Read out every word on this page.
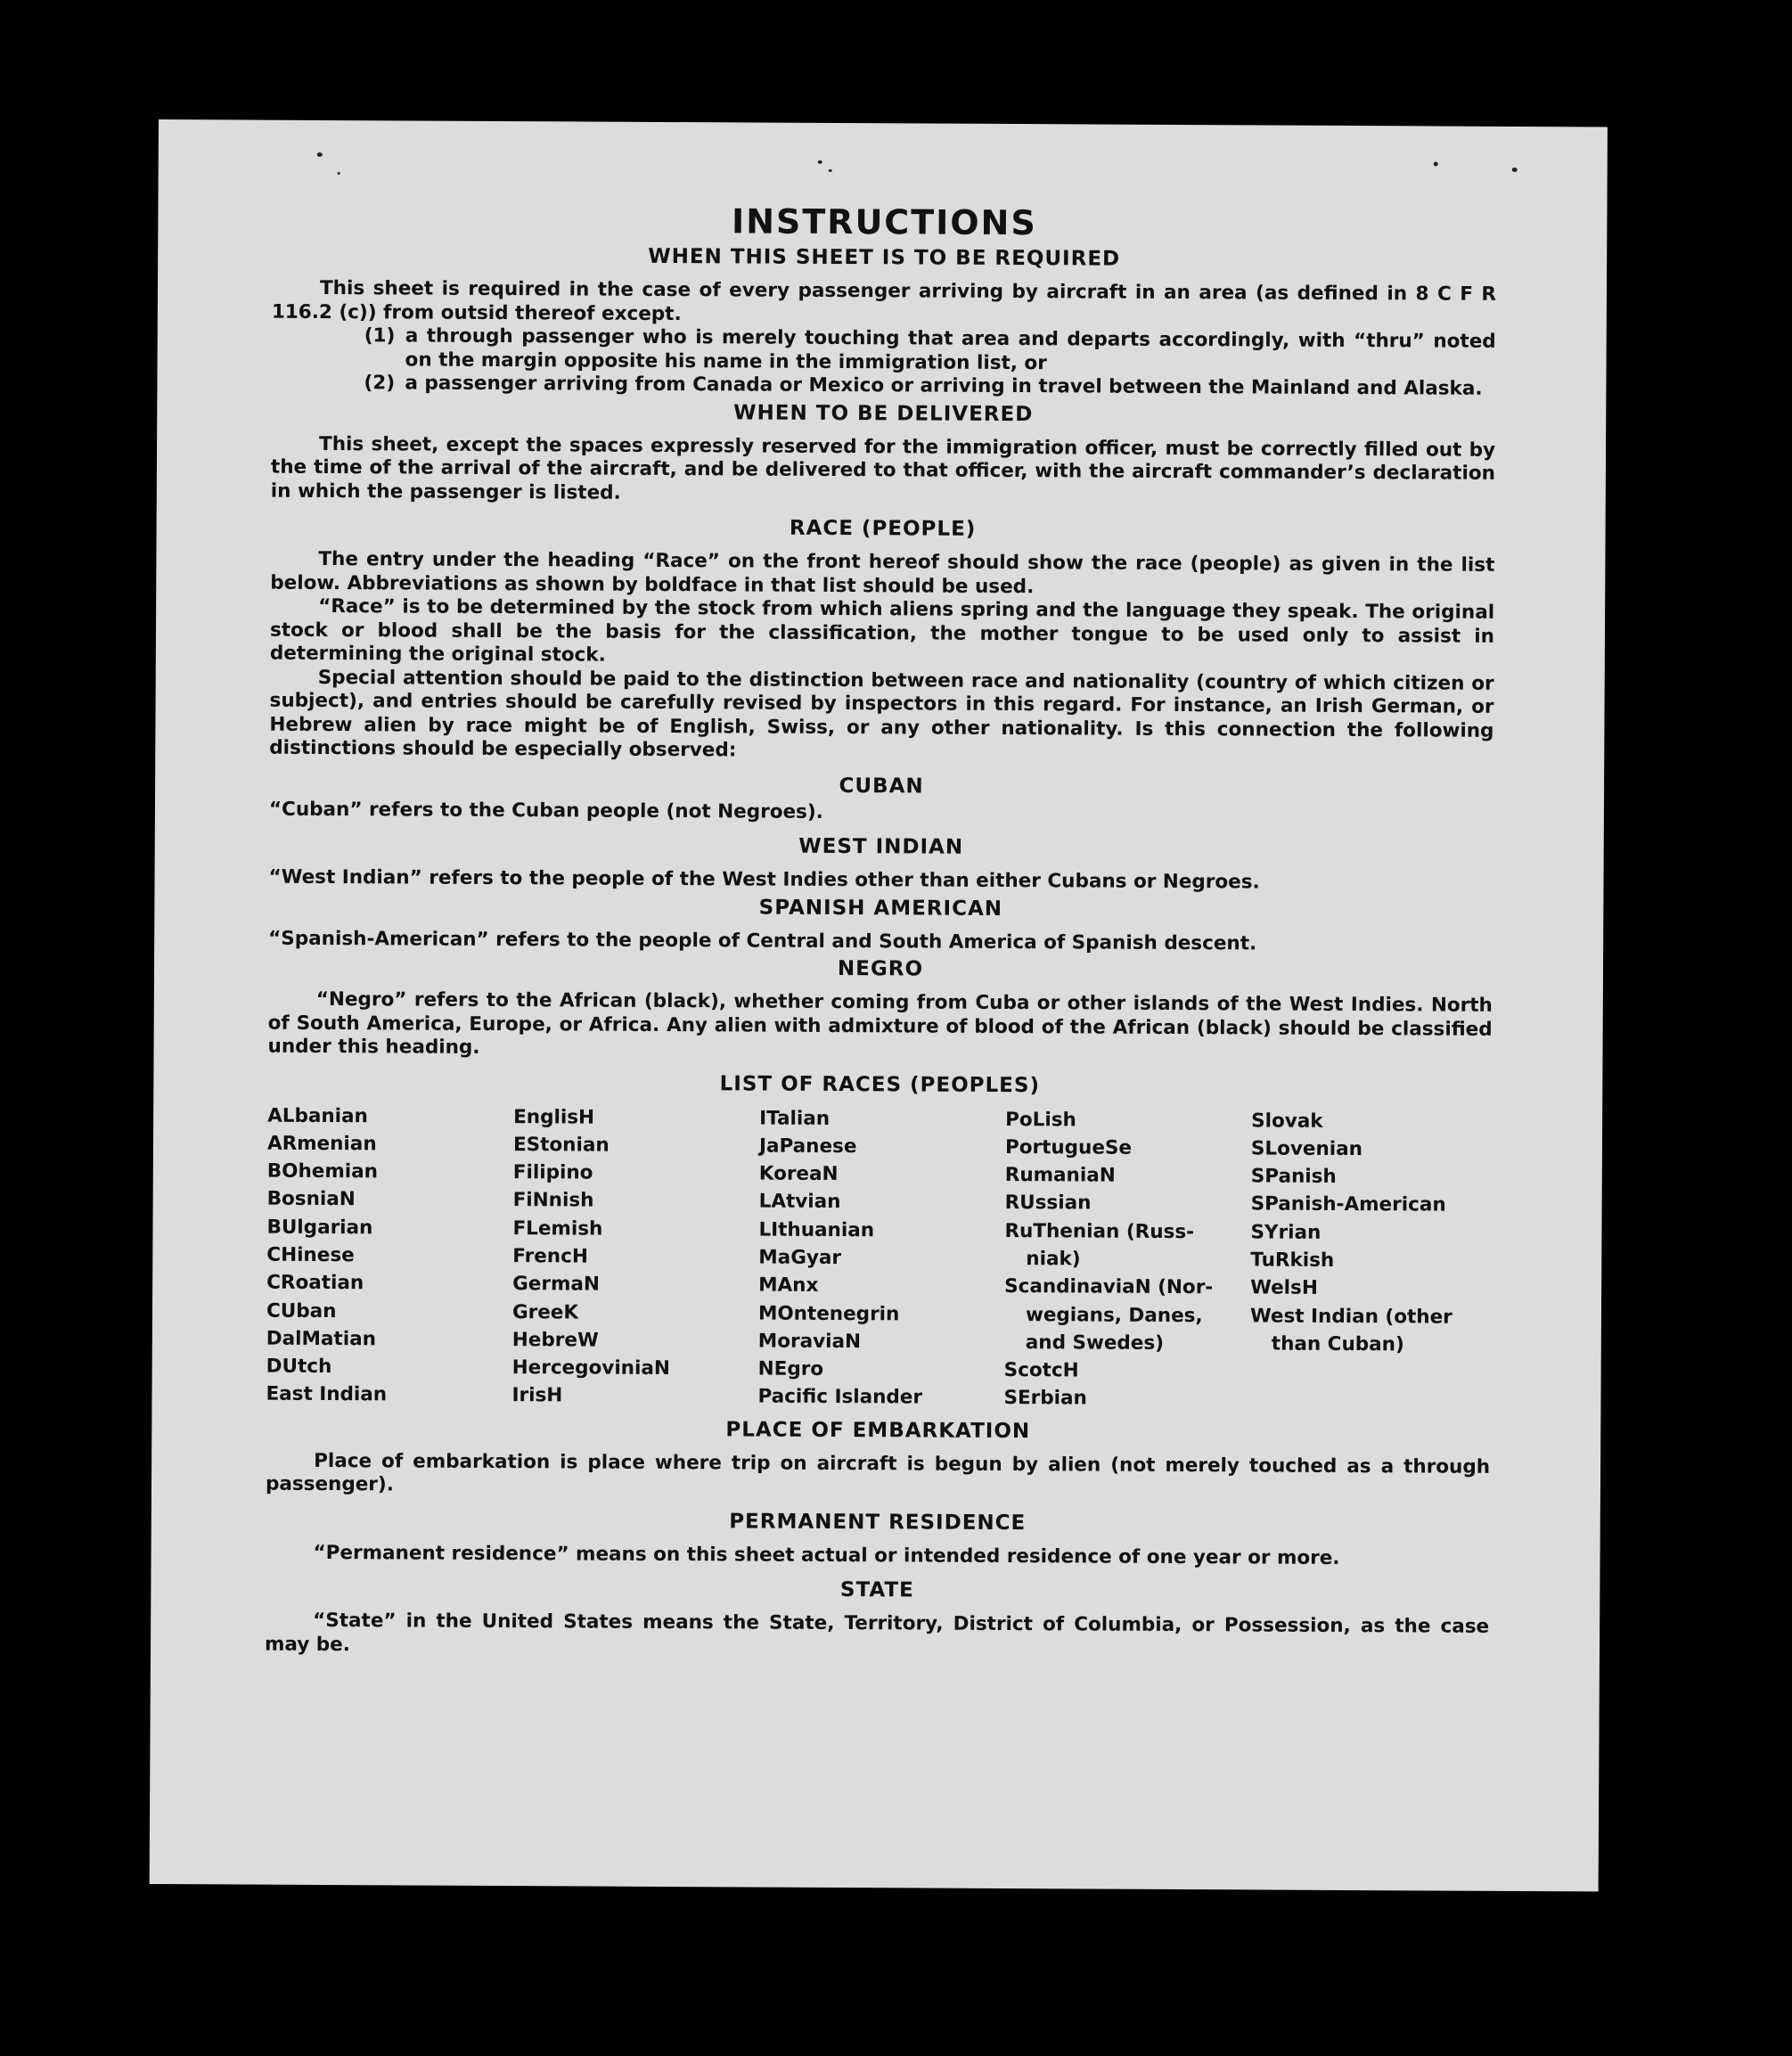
INSTRUCTIONS
WHEN THIS SHEET IS TO BE REQUIRED

This sheet is required in the case of every passenger arriving by aircraft in an area (as defined in 8 C F R 116.2 (c)) from outsid thereof except.

(1) a through passenger who is merely touching that area and departs accordingly, with “thru” noted on the margin opposite his name in the immigration list, or
(2) a passenger arriving from Canada or Mexico or arriving in travel between the Mainland and Alaska.
WHEN TO BE DELIVERED

This sheet, except the spaces expressly reserved for the immigration officer, must be correctly filled out by the time of the arrival of the aircraft, and be delivered to that officer, with the aircraft commander’s declaration in which the passenger is listed.

RACE (PEOPLE)

The entry under the heading “Race” on the front hereof should show the race (people) as given in the list below. Abbreviations as shown by boldface in that list should be used.

“Race” is to be determined by the stock from which aliens spring and the language they speak. The original stock or blood shall be the basis for the classification, the mother tongue to be used only to assist in determining the original stock.

Special attention should be paid to the distinction between race and nationality (country of which citizen or subject), and entries should be carefully revised by inspectors in this regard. For instance, an Irish German, or Hebrew alien by race might be of English, Swiss, or any other nationality. Is this connection the following distinctions should be especially observed:

CUBAN

“Cuban” refers to the Cuban people (not Negroes).

WEST INDIAN

“West Indian” refers to the people of the West Indies other than either Cubans or Negroes.

SPANISH AMERICAN

“Spanish-American” refers to the people of Central and South America of Spanish descent.

NEGRO

“Negro” refers to the African (black), whether coming from Cuba or other islands of the West Indies. North of South America, Europe, or Africa. Any alien with admixture of blood of the African (black) should be classified under this heading.

LIST OF RACES (PEOPLES)

ALbanian

ARmenian

BOhemian

BosniaN

BUlgarian

CHinese

CRoatian

CUban

DalMatian

DUtch

East Indian

EnglisH

EStonian

Filipino

FiNnish

FLemish

FrencH

GermaN

GreeK

HebreW

HercegoviniaN

IrisH

ITalian

JaPanese

KoreaN

LAtvian

LIthuanian

MaGyar

MAnx

MOntenegrin

MoraviaN

NEgro

Pacific Islander

PoLish

PortugueSe

RumaniaN

RUssian

RuThenian (Russ-

niak)

ScandinaviaN (Nor-

wegians, Danes,

and Swedes)

ScotcH

SErbian

Slovak

SLovenian

SPanish

SPanish-American

SYrian

TuRkish

WelsH

West Indian (other

than Cuban)

PLACE OF EMBARKATION

Place of embarkation is place where trip on aircraft is begun by alien (not merely touched as a through passenger).

PERMANENT RESIDENCE

“Permanent residence” means on this sheet actual or intended residence of one year or more.

STATE

“State” in the United States means the State, Territory, District of Columbia, or Possession, as the case may be.
